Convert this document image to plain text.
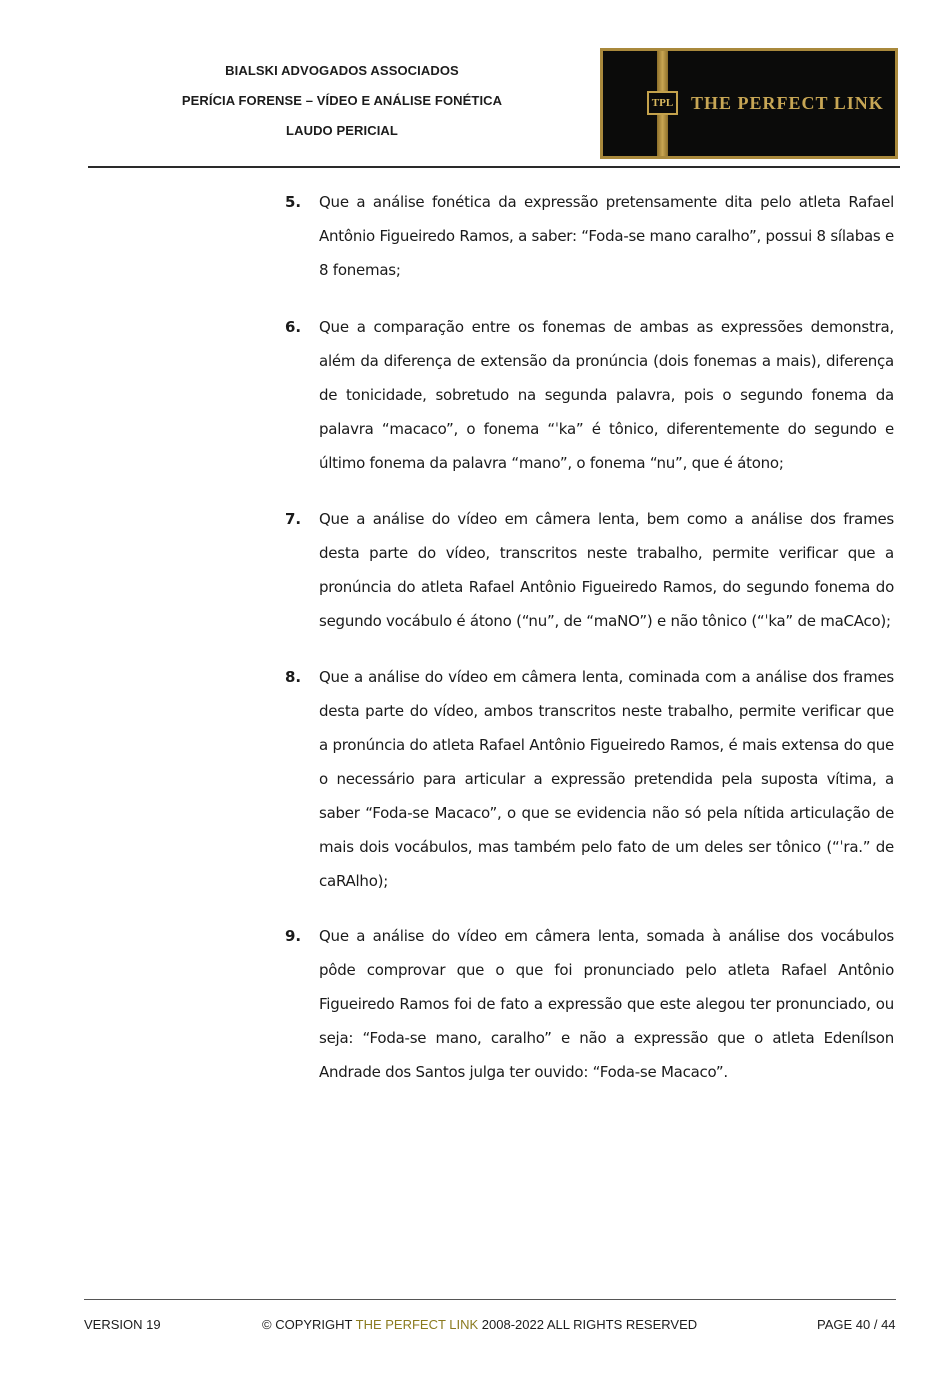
BIALSKI ADVOGADOS ASSOCIADOS
PERÍCIA FORENSE – VÍDEO E ANÁLISE FONÉTICA
LAUDO PERICIAL
TPL THE PERFECT LINK
5. Que a análise fonética da expressão pretensamente dita pelo atleta Rafael Antônio Figueiredo Ramos, a saber: “Foda-se mano caralho”, possui 8 sílabas e 8 fonemas;
6. Que a comparação entre os fonemas de ambas as expressões demonstra, além da diferença de extensão da pronúncia (dois fonemas a mais), diferença de tonicidade, sobretudo na segunda palavra, pois o segundo fonema da palavra “macaco”, o fonema “ˈka” é tônico, diferentemente do segundo e último fonema da palavra “mano”, o fonema “nu”, que é átono;
7. Que a análise do vídeo em câmera lenta, bem como a análise dos frames desta parte do vídeo, transcritos neste trabalho, permite verificar que a pronúncia do atleta Rafael Antônio Figueiredo Ramos, do segundo fonema do segundo vocábulo é átono (“nu”, de “maNO”) e não tônico (“ˈka” de maCAco);
8. Que a análise do vídeo em câmera lenta, cominada com a análise dos frames desta parte do vídeo, ambos transcritos neste trabalho, permite verificar que a pronúncia do atleta Rafael Antônio Figueiredo Ramos, é mais extensa do que o necessário para articular a expressão pretendida pela suposta vítima, a saber “Foda-se Macaco”, o que se evidencia não só pela nítida articulação de mais dois vocábulos, mas também pelo fato de um deles ser tônico (“ˈra.” de caRAlho);
9. Que a análise do vídeo em câmera lenta, somada à análise dos vocábulos pôde comprovar que o que foi pronunciado pelo atleta Rafael Antônio Figueiredo Ramos foi de fato a expressão que este alegou ter pronunciado, ou seja: “Foda-se mano, caralho” e não a expressão que o atleta Edenílson Andrade dos Santos julga ter ouvido: “Foda-se Macaco”.
VERSION 19	© COPYRIGHT THE PERFECT LINK 2008-2022 ALL RIGHTS RESERVED	PAGE 40 / 44
